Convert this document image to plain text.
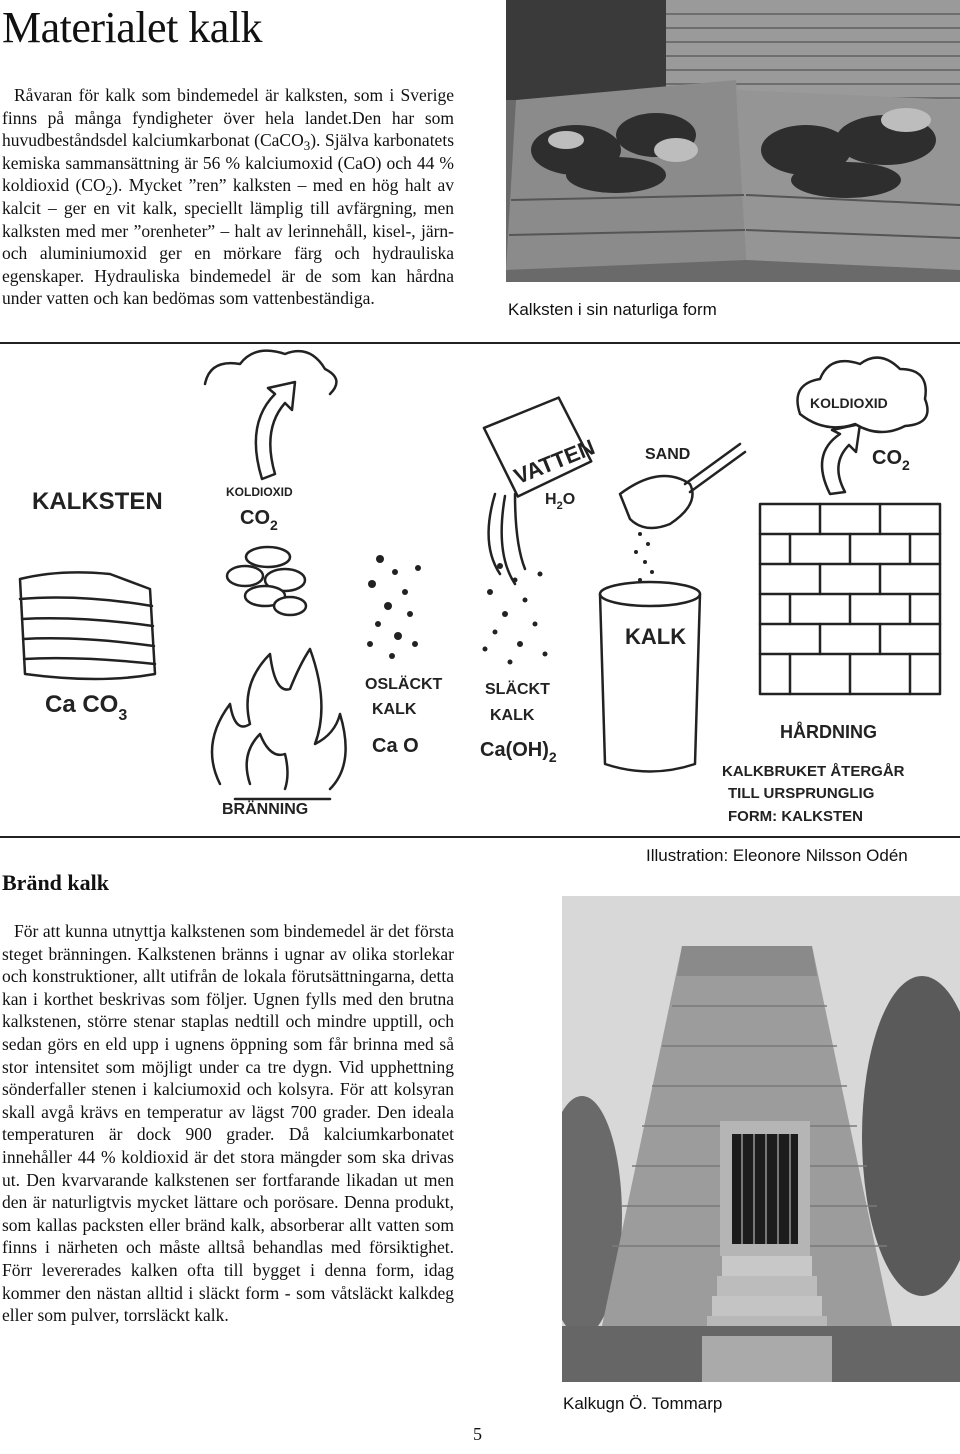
Materialet kalk
Råvaran för kalk som bindemedel är kalksten, som i Sverige finns på många fyndigheter över hela landet.Den har som huvudbeståndsdel kalciumkarbonat (CaCO$_3$). Själva karbonatets kemiska sammansättning är 56 % kalciumoxid (CaO) och 44 % koldioxid $(CO_2)$. Mycket ”ren” kalksten – med en hög halt av kalcit – ger en vit kalk, speciellt lämplig till avfärgning, men kalksten med mer ”orenheter” – halt av lerinnehåll, kisel-, järn- och aluminiumoxid ger en mörkare färg och hydrauliska egenskaper. Hydrauliska bindemedel är de som kan hårdna under vatten och kan bedömas som vattenbeständiga.
Kalksten i sin naturliga form
KALKSTEN
Ca $CO_3$
KOLDIOXID
$CO_2$
BRÄNNING
OSLÄCKT
KALK
Ca O
VATTEN
$H_2O$
SLÄCKT
KALK
$Ca(OH)_2$
SAND
KALK
KOLDIOXID
$CO_2$
HÅRDNING
KALKBRUKET ÅTERGÅR
TILL URSPRUNGLIG
FORM: KALKSTEN
Illustration: Eleonore Nilsson Odén
Bränd kalk
För att kunna utnyttja kalkstenen som bindemedel är det första steget bränningen. Kalkstenen bränns i ugnar av olika storlekar och konstruktioner, allt utifrån de lokala förutsättningarna, detta kan i korthet beskrivas som följer. Ugnen fylls med den brutna kalkstenen, större stenar staplas nedtill och mindre upptill, och sedan görs en eld upp i ugnens öppning som får brinna med så stor intensitet som möjligt under ca tre dygn. Vid upphettning sönderfaller stenen i kalciumoxid och kolsyra. För att kolsyran skall avgå krävs en temperatur av lägst 700 grader. Den ideala temperaturen är dock 900 grader. Då kalciumkarbonatet innehåller 44 % koldioxid är det stora mängder som ska drivas ut. Den kvarvarande kalkstenen ser fortfarande likadan ut men den är naturligtvis mycket lättare och porösare. Denna produkt, som kallas packsten eller bränd kalk, absorberar allt vatten som finns i närheten och måste alltså behandlas med försiktighet. Förr levererades kalken ofta till bygget i denna form, idag kommer den nästan alltid i släckt form - som våtsläckt kalkdeg eller som pulver, torrsläckt kalk.
Kalkugn Ö. Tommarp
5
